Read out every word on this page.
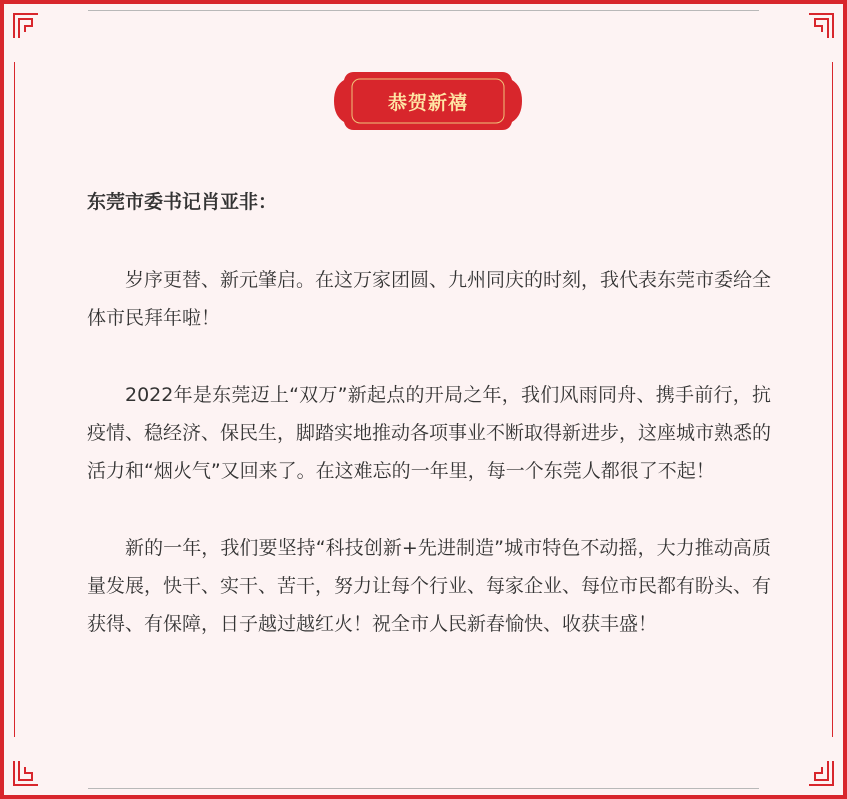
恭贺新禧

东莞市委书记肖亚非：

岁序更替、新元肇启。在这万家团圆、九州同庆的时刻，我代表东莞市委给全体市民拜年啦！

2022年是东莞迈上“双万”新起点的开局之年，我们风雨同舟、携手前行，抗疫情、稳经济、保民生，脚踏实地推动各项事业不断取得新进步，这座城市熟悉的活力和“烟火气”又回来了。在这难忘的一年里，每一个东莞人都很了不起！

新的一年，我们要坚持“科技创新+先进制造”城市特色不动摇，大力推动高质量发展，快干、实干、苦干，努力让每个行业、每家企业、每位市民都有盼头、有获得、有保障，日子越过越红火！祝全市人民新春愉快、收获丰盛！
